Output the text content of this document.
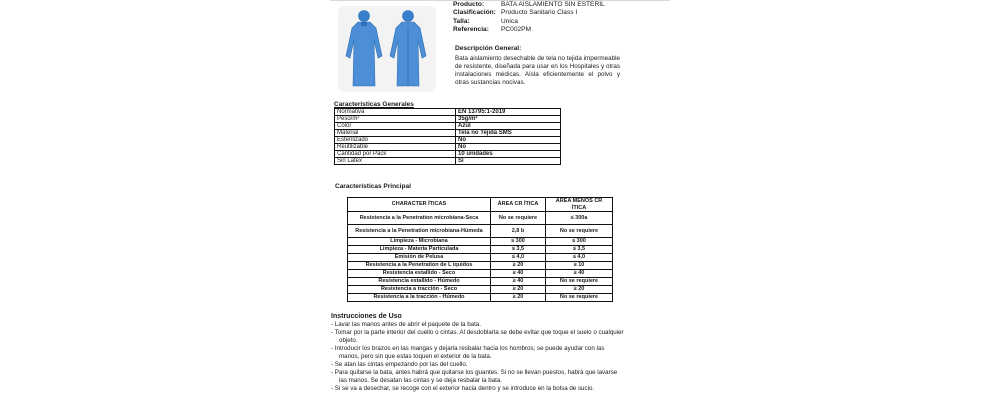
Producto:	BATA AISLAMIENTO SIN ESTERIL
Clasificación: Producto Sanitario Class I
Talla:	Unica
Referencia:	PC002PM
Descripción General:
Bata aislamiento desechable de tela no tejida impermeable de resistente, diseñada para usar en los Hospitales y otras instalaciones médicas. Aísla eficientemente el polvo y otras sustancias nocivas.
Características Generales
Normativa	EN 13795:1-2019
Peso/m²	35g/m²
Color	Azul
Material	Tela no Tejida SMS
Esterilizado	No
Reutilizable	No
Cantidad por Pack	10 unidades
Sin Latex	Si
Características Principal
CHARACTER ÍTICAS	ÁREA CR ÍTICA	ÁREA MENOS CR ÍTICA
Resistencia a la Penetration microbiana-Seca	No se requiere	≤ 300a
Resistencia a la Penetration microbiana-Húmeda	2,8 b	No se requiere
Limpieza - Microbiana	≤ 300	≤ 300
Limpieza - Materia Particulada	≤ 3,5	≤ 3,5
Emisión de Pelusa	≤ 4,0	≤ 4,0
Resistencia a la Penetration de L íquidos	≥ 20	≥ 10
Resistencia estallido - Seco	≥ 40	≥ 40
Resistencia estallido - Húmedo	≥ 40	No se requiere
Resistencia a tracción - Seco	≥ 20	≥ 20
Resistencia a la tracción - Húmedo	≥ 20	No se requiere
Instrucciones de Uso
- Lavar las manos antes de abrir el paquete de la bata.
- Tomar por la parte interior del cuello o cintas. Al desdoblarla se debe evitar que toque el suelo o cualquier objeto.
- Introducir los brazos en las mangas y dejarla resbalar hacia los hombros; se puede ayudar con las manos, pero sin que estas toquen el exterior de la bata.
- Se atan las cintas empezando por las del cuello.
- Para quitarse la bata, antes habrá que quitarse los guantes. Si no se llevan puestos, habrá que lavarse las manos. Se desatan las cintas y se deja resbalar la bata.
- Si se va a desechar, se recoge con el exterior hacia dentro y se introduce en la bolsa de sucio.
